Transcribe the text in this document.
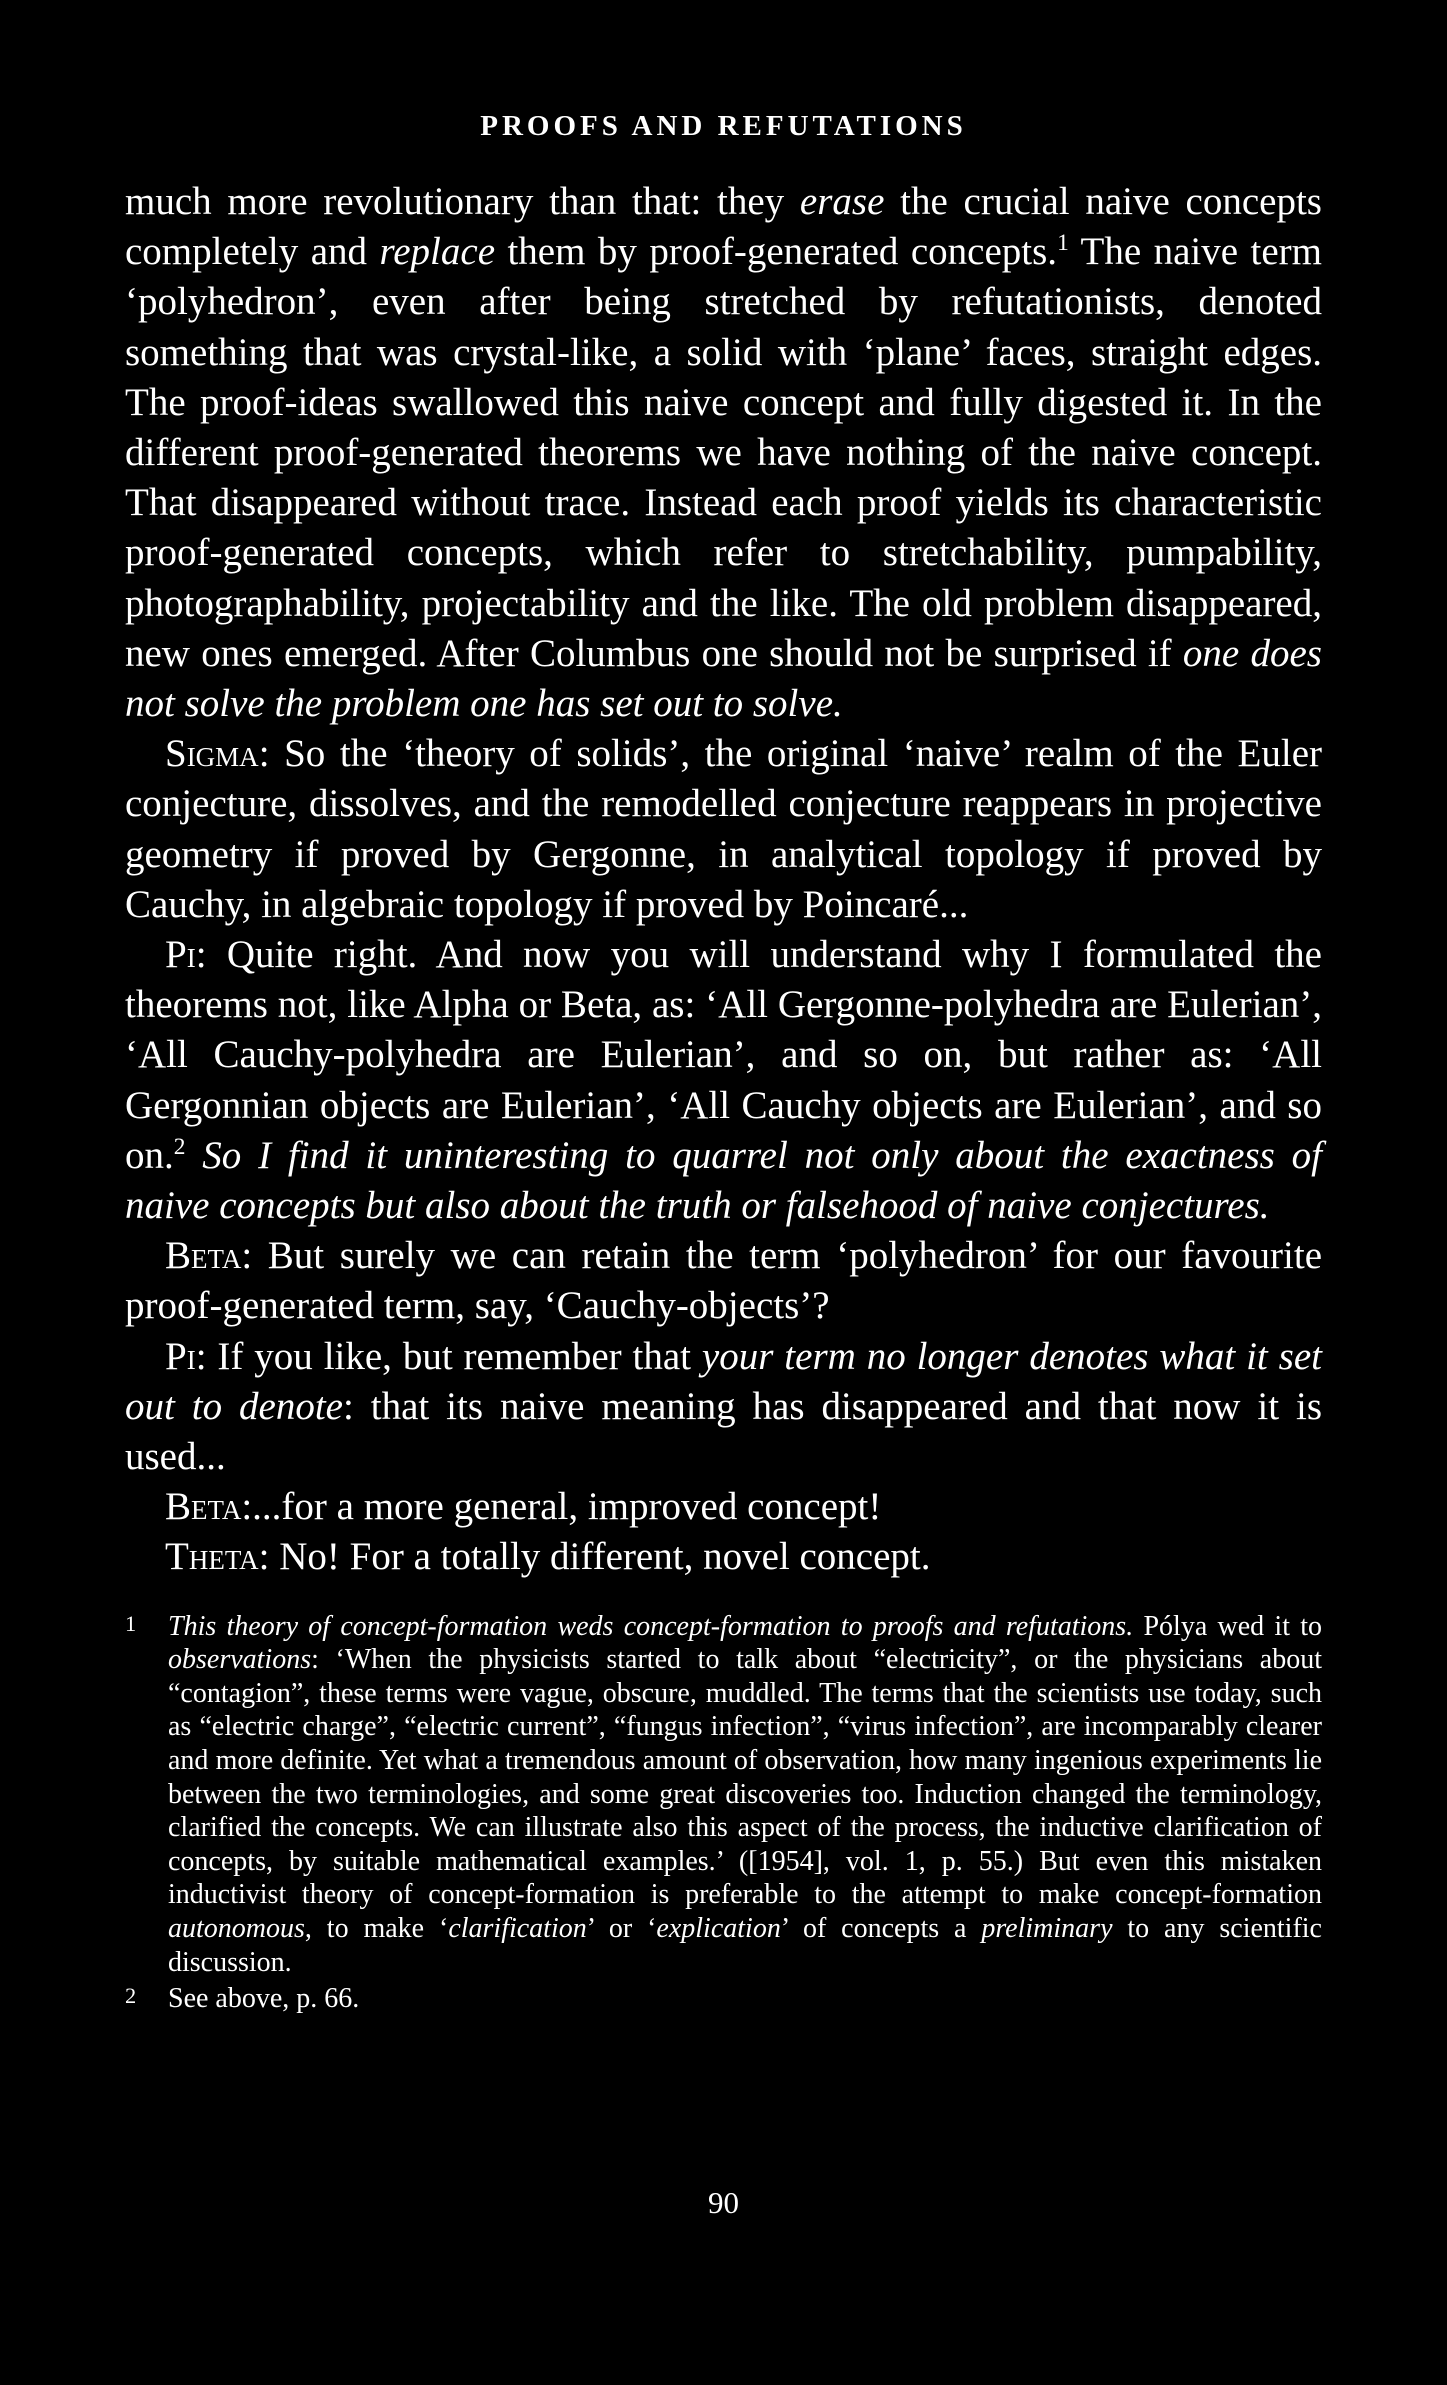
PROOFS AND REFUTATIONS

much more revolutionary than that: they erase the crucial naive concepts completely and replace them by proof-generated concepts.$^1$ The naive term ‘polyhedron’, even after being stretched by refutationists, denoted something that was crystal-like, a solid with ‘plane’ faces, straight edges. The proof-ideas swallowed this naive concept and fully digested it. In the different proof-generated theorems we have nothing of the naive concept. That disappeared without trace. Instead each proof yields its characteristic proof-generated concepts, which refer to stretchability, pumpability, photographability, projectability and the like. The old problem disappeared, new ones emerged. After Columbus one should not be surprised if one does not solve the problem one has set out to solve.

Sigma: So the ‘theory of solids’, the original ‘naive’ realm of the Euler conjecture, dissolves, and the remodelled conjecture reappears in projective geometry if proved by Gergonne, in analytical topology if proved by Cauchy, in algebraic topology if proved by Poincaré...

Pi: Quite right. And now you will understand why I formulated the theorems not, like Alpha or Beta, as: ‘All Gergonne-polyhedra are Eulerian’, ‘All Cauchy-polyhedra are Eulerian’, and so on, but rather as: ‘All Gergonnian objects are Eulerian’, ‘All Cauchy objects are Eulerian’, and so on.$^2$ So I find it uninteresting to quarrel not only about the exactness of naive concepts but also about the truth or falsehood of naive conjectures.

Beta: But surely we can retain the term ‘polyhedron’ for our favourite proof-generated term, say, ‘Cauchy-objects’?

Pi: If you like, but remember that your term no longer denotes what it set out to denote: that its naive meaning has disappeared and that now it is used...

Beta:...for a more general, improved concept!

Theta: No! For a totally different, novel concept.

1 This theory of concept-formation weds concept-formation to proofs and refutations. Pólya wed it to observations: ‘When the physicists started to talk about “electricity”, or the physicians about “contagion”, these terms were vague, obscure, muddled. The terms that the scientists use today, such as “electric charge”, “electric current”, “fungus infection”, “virus infection”, are incomparably clearer and more definite. Yet what a tremendous amount of observation, how many ingenious experiments lie between the two terminologies, and some great discoveries too. Induction changed the terminology, clarified the concepts. We can illustrate also this aspect of the process, the inductive clarification of concepts, by suitable mathematical examples.’ ([1954], vol. 1, p. 55.) But even this mistaken inductivist theory of concept-formation is preferable to the attempt to make concept-formation autonomous, to make ‘clarification’ or ‘explication’ of concepts a preliminary to any scientific discussion.

2 See above, p. 66.

90
